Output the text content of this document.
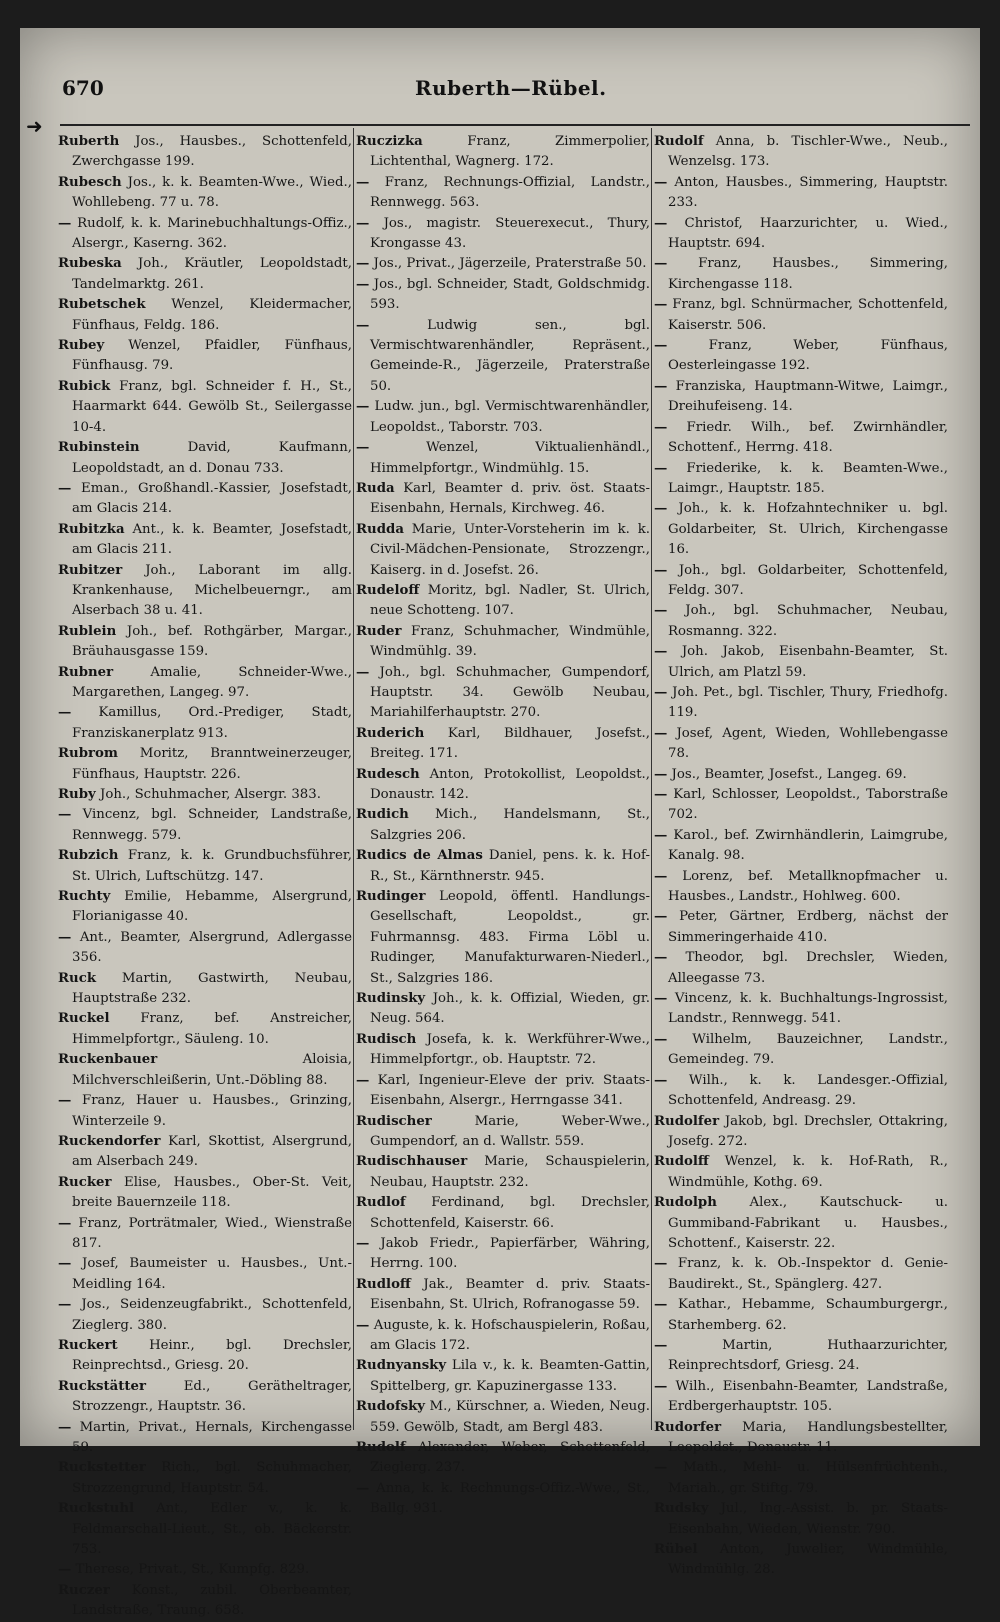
➜
670	Ruberth—Rübel.

Ruberth Jos., Hausbes., Schottenfeld, Zwerchgasse 199.

Rubesch Jos., k. k. Beamten-Wwe., Wied., Wohllebeng. 77 u. 78.

— Rudolf, k. k. Marinebuchhaltungs-Offiz., Alsergr., Kaserng. 362.

Rubeska Joh., Kräutler, Leopoldstadt, Tandelmarktg. 261.

Rubetschek Wenzel, Kleidermacher, Fünfhaus, Feldg. 186.

Rubey Wenzel, Pfaidler, Fünfhaus, Fünfhausg. 79.

Rubick Franz, bgl. Schneider f. H., St., Haarmarkt 644. Gewölb St., Seilergasse 10-4.

Rubinstein	David, Kaufmann, Leopoldstadt, an d. Donau 733.

— Eman., Großhandl.-Kassier, Josefstadt, am Glacis 214.

Rubitzka Ant., k. k. Beamter, Josefstadt, am Glacis 211.

Rubitzer Joh., Laborant im allg. Krankenhause, Michelbeuerngr., am Alserbach 38 u. 41.

Rublein Joh., bef. Rothgärber, Margar., Bräuhausgasse 159.

Rubner	Amalie, Schneider-Wwe., Margarethen, Langeg. 97.

— Kamillus, Ord.-Prediger, Stadt, Franziskanerplatz 913.

Rubrom Moritz, Branntweinerzeuger, Fünfhaus, Hauptstr. 226.

Ruby Joh., Schuhmacher, Alsergr. 383.

— Vincenz, bgl. Schneider, Landstraße, Rennwegg. 579.

Rubzich Franz, k. k. Grundbuchsführer, St. Ulrich, Luftschützg. 147.

Ruchty Emilie, Hebamme, Alsergrund, Florianigasse 40.

— Ant., Beamter, Alsergrund, Adlergasse 356.

Ruck Martin, Gastwirth, Neubau, Hauptstraße 232.

Ruckel Franz, bef. Anstreicher, Himmelpfortgr., Säuleng. 10.

Ruckenbauer	Aloisia, Milchverschleißerin, Unt.-Döbling 88.

— Franz, Hauer u. Hausbes., Grinzing, Winterzeile 9.

Ruckendorfer Karl, Skottist, Alsergrund, am Alserbach 249.

Rucker Elise, Hausbes., Ober-St. Veit, breite Bauernzeile 118.

— Franz, Porträtmaler, Wied., Wienstraße 817.

— Josef, Baumeister u. Hausbes., Unt.-Meidling 164.

— Jos., Seidenzeugfabrikt., Schottenfeld, Zieglerg. 380.

Ruckert Heinr., bgl. Drechsler, Reinprechtsd., Griesg. 20.

Ruckstätter	Ed., Gerätheltrager, Strozzengr., Hauptstr. 36.

— Martin, Privat., Hernals, Kirchengasse 59.

Ruckstetter Rich., bgl. Schuhmacher, Strozzengrund, Hauptstr. 54.

Ruckstuhl Ant., Edler v., k. k. Feldmarschall-Lieut., St., ob. Bäckerstr. 753.

— Therese, Privat., St., Kumpfg. 829.

Ruczer Konst., zubil. Oberbeamter, Landstraße, Traung. 658.

Ruczizka	Franz, Zimmerpolier, Lichtenthal, Wagnerg. 172.

— Franz, Rechnungs-Offizial, Landstr., Rennwegg. 563.

— Jos., magistr. Steuerexecut., Thury, Krongasse 43.

— Jos., Privat., Jägerzeile, Praterstraße 50.

— Jos., bgl. Schneider, Stadt, Goldschmidg. 593.

—	Ludwig sen., bgl. Vermischtwarenhändler, Repräsent., Gemeinde-R., Jägerzeile, Praterstraße 50.

— Ludw. jun., bgl. Vermischtwarenhändler, Leopoldst., Taborstr. 703.

—	Wenzel, Viktualienhändl., Himmelpfortgr., Windmühlg. 15.

Ruda Karl, Beamter d. priv. öst. Staats-Eisenbahn, Hernals, Kirchweg. 46.

Rudda Marie, Unter-Vorsteherin im k. k. Civil-Mädchen-Pensionate, Strozzengr., Kaiserg. in d. Josefst. 26.

Rudeloff Moritz, bgl. Nadler, St. Ulrich, neue Schotteng. 107.

Ruder Franz, Schuhmacher, Windmühle, Windmühlg. 39.

— Joh., bgl. Schuhmacher, Gumpendorf, Hauptstr. 34. Gewölb Neubau, Mariahilferhauptstr. 270.

Ruderich Karl, Bildhauer, Josefst., Breiteg. 171.

Rudesch Anton, Protokollist, Leopoldst., Donaustr. 142.

Rudich Mich., Handelsmann, St., Salzgries 206.

Rudics de Almas Daniel, pens. k. k. Hof-R., St., Kärnthnerstr. 945.

Rudinger Leopold, öffentl. Handlungs-Gesellschaft, Leopoldst., gr. Fuhrmannsg. 483. Firma Löbl u. Rudinger, Manufakturwaren-Niederl., St., Salzgries 186.

Rudinsky Joh., k. k. Offizial, Wieden, gr. Neug. 564.

Rudisch Josefa, k. k. Werkführer-Wwe., Himmelpfortgr., ob. Hauptstr. 72.

— Karl, Ingenieur-Eleve der priv. Staats-Eisenbahn, Alsergr., Herrngasse 341.

Rudischer	Marie, Weber-Wwe., Gumpendorf, an d. Wallstr. 559.

Rudischhauser Marie, Schauspielerin, Neubau, Hauptstr. 232.

Rudlof Ferdinand, bgl. Drechsler, Schottenfeld, Kaiserstr. 66.

— Jakob Friedr., Papierfärber, Währing, Herrng. 100.

Rudloff Jak., Beamter d. priv. Staats-Eisenbahn, St. Ulrich, Rofranogasse 59.

— Auguste, k. k. Hofschauspielerin, Roßau, am Glacis 172.

Rudnyansky Lila v., k. k. Beamten-Gattin, Spittelberg, gr. Kapuzinergasse 133.

Rudofsky M., Kürschner, a. Wieden, Neug. 559. Gewölb, Stadt, am Bergl 483.

Rudolf Alexander, Weber, Schottenfeld, Zieglerg. 237.

— Anna, k. k. Rechnungs-Offiz.-Wwe., St., Ballg. 931.

Rudolf Anna, b. Tischler-Wwe., Neub., Wenzelsg. 173.

— Anton, Hausbes., Simmering, Hauptstr. 233.

— Christof, Haarzurichter, u. Wied., Hauptstr. 694.

— Franz, Hausbes., Simmering, Kirchengasse 118.

— Franz, bgl. Schnürmacher, Schottenfeld, Kaiserstr. 506.

—	Franz, Weber, Fünfhaus, Oesterleingasse 192.

— Franziska, Hauptmann-Witwe, Laimgr., Dreihufeiseng. 14.

— Friedr. Wilh., bef. Zwirnhändler, Schottenf., Herrng. 418.

— Friederike, k. k. Beamten-Wwe., Laimgr., Hauptstr. 185.

— Joh., k. k. Hofzahntechniker u. bgl. Goldarbeiter, St. Ulrich, Kirchengasse 16.

— Joh., bgl. Goldarbeiter, Schottenfeld, Feldg. 307.

— Joh., bgl. Schuhmacher, Neubau, Rosmanng. 322.

— Joh. Jakob, Eisenbahn-Beamter, St. Ulrich, am Platzl 59.

— Joh. Pet., bgl. Tischler, Thury, Friedhofg. 119.

— Josef, Agent, Wieden, Wohllebengasse 78.

— Jos., Beamter, Josefst., Langeg. 69.

— Karl, Schlosser, Leopoldst., Taborstraße 702.

— Karol., bef. Zwirnhändlerin, Laimgrube, Kanalg. 98.

— Lorenz, bef. Metallknopfmacher u. Hausbes., Landstr., Hohlweg. 600.

— Peter, Gärtner, Erdberg, nächst der Simmeringerhaide 410.

— Theodor, bgl. Drechsler, Wieden, Alleegasse 73.

— Vincenz, k. k. Buchhaltungs-Ingrossist, Landstr., Rennwegg. 541.

— Wilhelm, Bauzeichner, Landstr., Gemeindeg. 79.

— Wilh., k. k. Landesger.-Offizial, Schottenfeld, Andreasg. 29.

Rudolfer Jakob, bgl. Drechsler, Ottakring, Josefg. 272.

Rudolff Wenzel, k. k. Hof-Rath, R., Windmühle, Kothg. 69.

Rudolph Alex., Kautschuck- u. Gummiband-Fabrikant u. Hausbes., Schottenf., Kaiserstr. 22.

— Franz, k. k. Ob.-Inspektor d. Genie-Baudirekt., St., Spänglerg. 427.

— Kathar., Hebamme, Schaumburgergr., Starhemberg. 62.

—	Martin, Huthaarzurichter, Reinprechtsdorf, Griesg. 24.

— Wilh., Eisenbahn-Beamter, Landstraße, Erdbergerhauptstr. 105.

Rudorfer Maria, Handlungsbestellter, Leopoldst., Donaustr. 11.

— Math., Mehl- u. Hülsenfrüchtenh., Mariah., gr. Stiftg. 79.

Rudsky Jul., Ing.-Assist. b. pr. Staats-Eisenbahn, Wieden, Wienstr. 790.

Rübel Anton, Juwelier, Windmühle, Windmühlg. 28.
